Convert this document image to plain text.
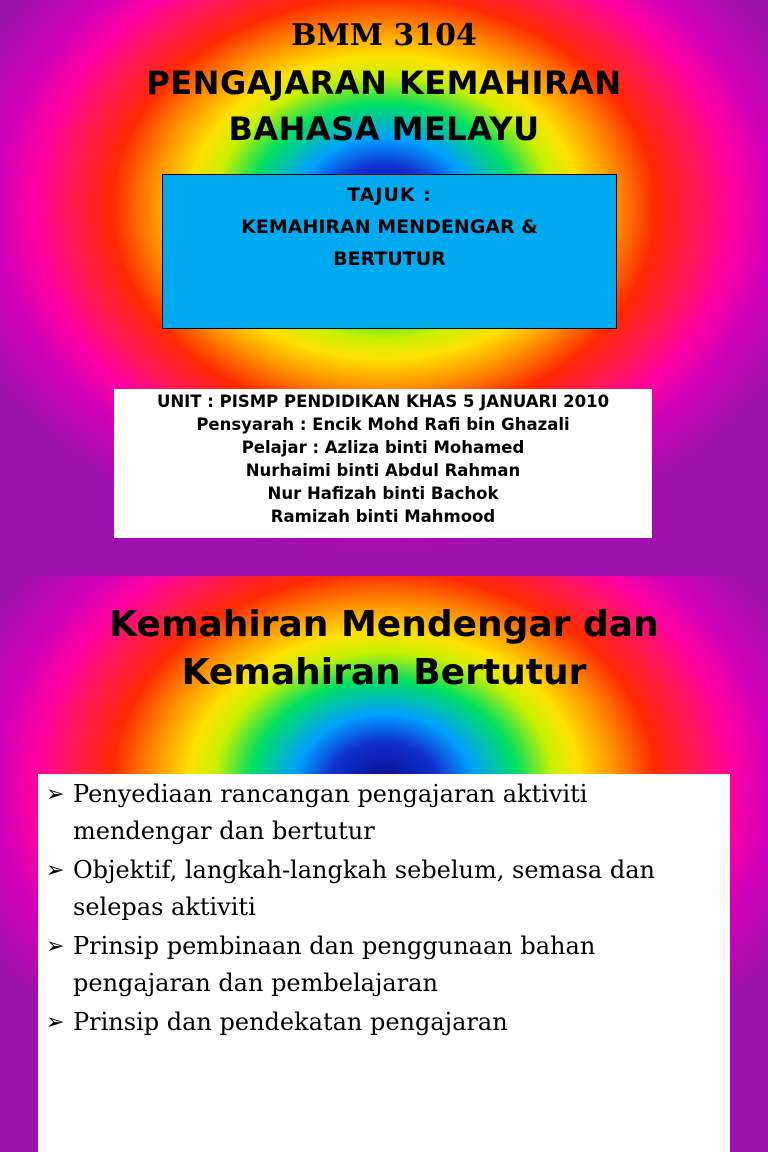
BMM 3104
PENGAJARAN KEMAHIRAN
BAHASA MELAYU
TAJUK :
KEMAHIRAN MENDENGAR &
BERTUTUR
UNIT : PISMP PENDIDIKAN KHAS 5 JANUARI 2010
Pensyarah : Encik Mohd Rafi bin Ghazali
Pelajar : Azliza binti Mohamed
Nurhaimi binti Abdul Rahman
Nur Hafizah binti Bachok
Ramizah binti Mahmood
Kemahiran Mendengar dan
Kemahiran Bertutur
➢ Penyediaan rancangan pengajaran aktiviti mendengar dan bertutur
➢ Objektif, langkah-langkah sebelum, semasa dan selepas aktiviti
➢ Prinsip pembinaan dan penggunaan bahan pengajaran dan pembelajaran
➢ Prinsip dan pendekatan pengajaran
